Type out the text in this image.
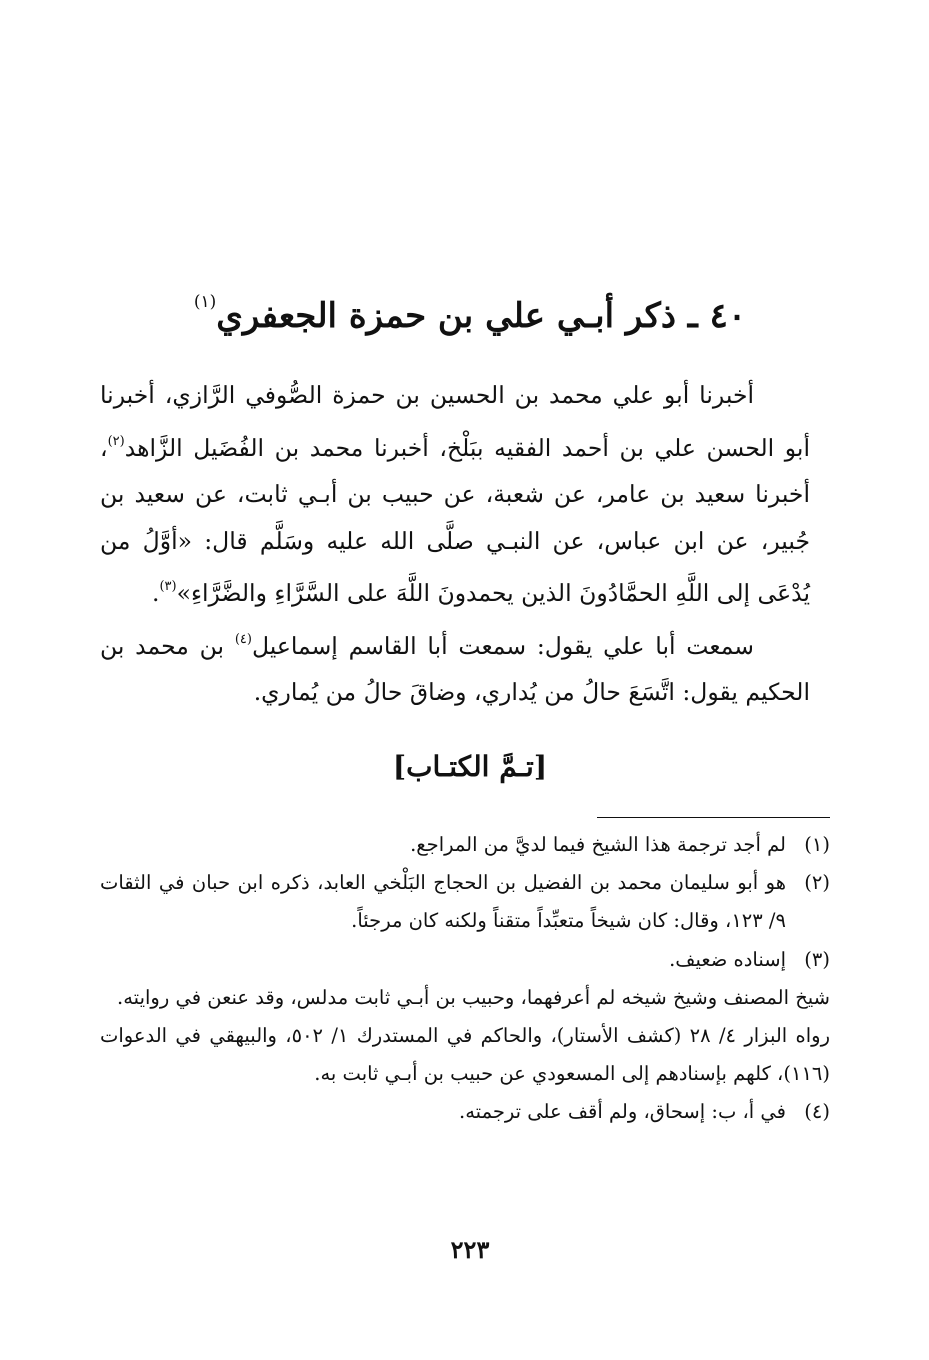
٤٠ ـ ذكر أبـي علي بن حمزة الجعفري$^{(١)}$

أخبرنا أبو علي محمد بن الحسين بن حمزة الصُّوفي الرَّازي، أخبرنا أبو الحسن علي بن أحمد الفقيه ببَلْخ، أخبرنا محمد بن الفُضَيل الزَّاهد$^{(٢)}$، أخبرنا سعيد بن عامر، عن شعبة، عن حبيب بن أبـي ثابت، عن سعيد بن جُبير، عن ابن عباس، عن النبـي صلَّى الله عليه وسَلَّم قال: «أوَّلُ من يُدْعَى إلى اللَّهِ الحمَّادُونَ الذين يحمدونَ اللَّهَ على السَّرَّاءِ والضَّرَّاءِ»$^{(٣)}$.

سمعت أبا علي يقول: سمعت أبا القاسم إسماعيل$^{(٤)}$ بن محمد بن الحكيم يقول: اتَّسَعَ حالُ من يُداري، وضاقَ حالُ من يُماري.

[تـمَّ الكتـاب]
(١)
لم أجد ترجمة هذا الشيخ فيما لديَّ من المراجع.
(٢)
هو أبو سليمان محمد بن الفضيل بن الحجاج البَلْخي العابد، ذكره ابن حبان في الثقات ٩/ ١٢٣، وقال: كان شيخاً متعبِّداً متقناً ولكنه كان مرجئاً.
(٣)
إسناده ضعيف.

شيخ المصنف وشيخ شيخه لم أعرفهما، وحبيب بن أبـي ثابت مدلس، وقد عنعن في روايته.

رواه البزار ٤/ ٢٨ (كشف الأستار)، والحاكم في المستدرك ١/ ٥٠٢، والبيهقي في الدعوات (١١٦)، كلهم بإسنادهم إلى المسعودي عن حبيب بن أبـي ثابت به.

(٤)
في أ، ب: إسحاق، ولم أقف على ترجمته.
٢٢٣
